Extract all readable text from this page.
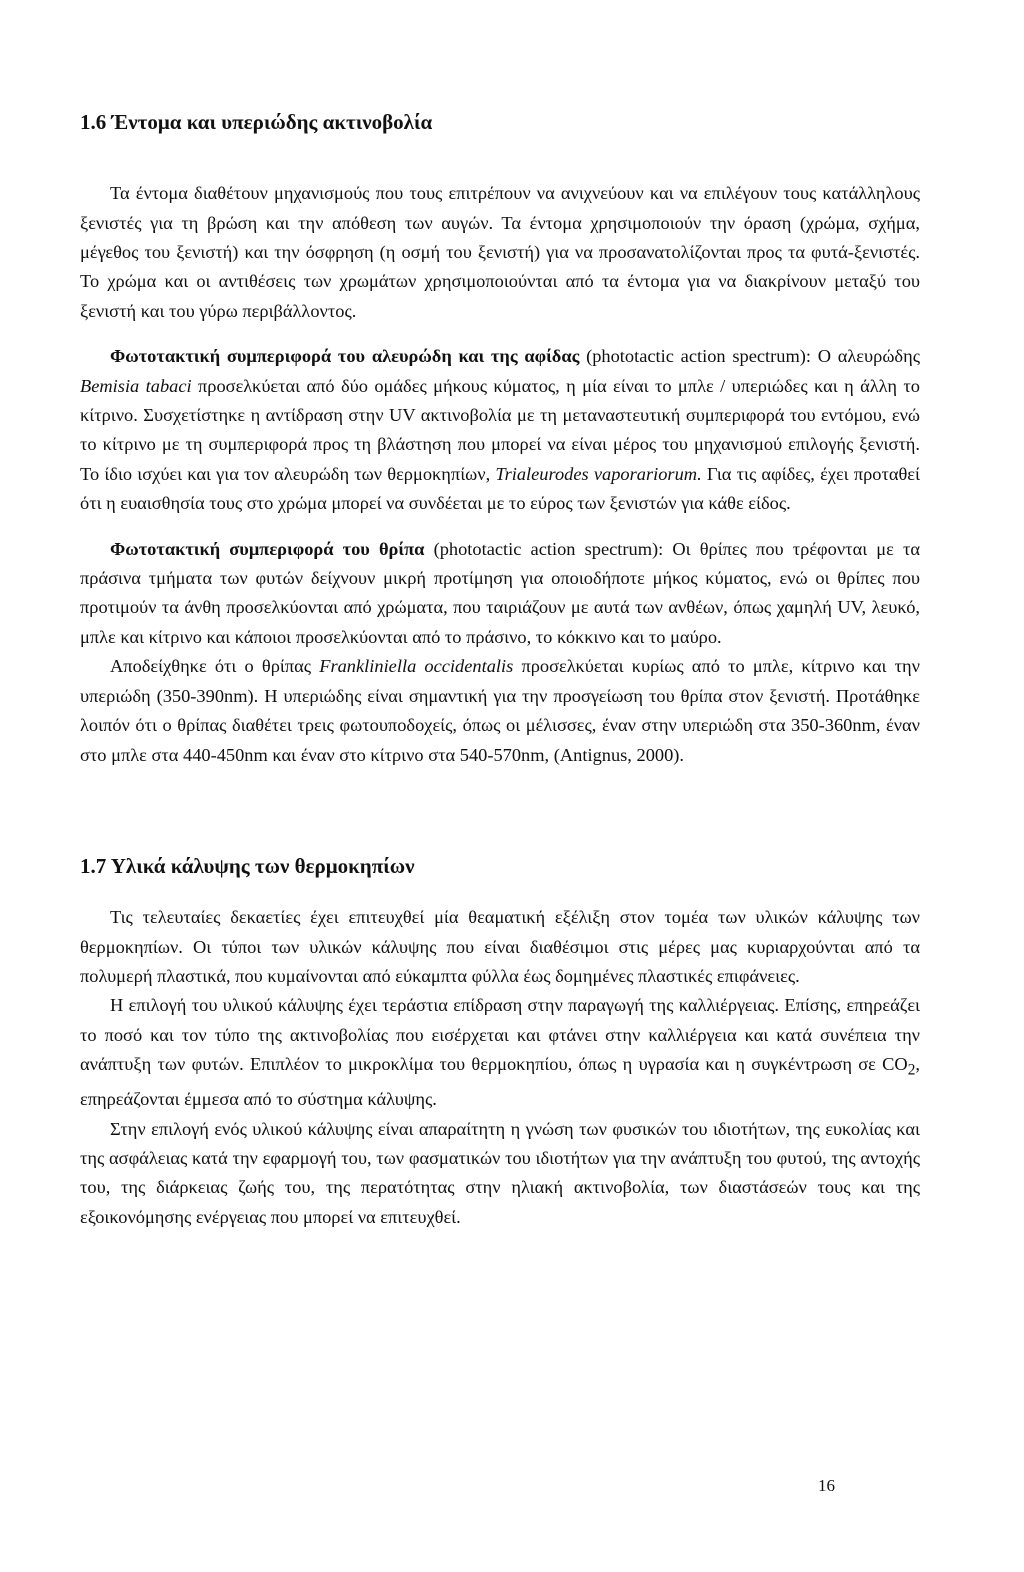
1.6 Έντομα και υπεριώδης ακτινοβολία

Τα έντομα διαθέτουν μηχανισμούς που τους επιτρέπουν να ανιχνεύουν και να επιλέγουν τους κατάλληλους ξενιστές για τη βρώση και την απόθεση των αυγών. Τα έντομα χρησιμοποιούν την όραση (χρώμα, σχήμα, μέγεθος του ξενιστή) και την όσφρηση (η οσμή του ξενιστή) για να προσανατολίζονται προς τα φυτά-ξενιστές. Το χρώμα και οι αντιθέσεις των χρωμάτων χρησιμοποιούνται από τα έντομα για να διακρίνουν μεταξύ του ξενιστή και του γύρω περιβάλλοντος.

Φωτοτακτική συμπεριφορά του αλευρώδη και της αφίδας (phototactic action spectrum): Ο αλευρώδης Bemisia tabaci προσελκύεται από δύο ομάδες μήκους κύματος, η μία είναι το μπλε / υπεριώδες και η άλλη το κίτρινο. Συσχετίστηκε η αντίδραση στην UV ακτινοβολία με τη μεταναστευτική συμπεριφορά του εντόμου, ενώ το κίτρινο με τη συμπεριφορά προς τη βλάστηση που μπορεί να είναι μέρος του μηχανισμού επιλογής ξενιστή. Το ίδιο ισχύει και για τον αλευρώδη των θερμοκηπίων, Trialeurodes vaporariorum. Για τις αφίδες, έχει προταθεί ότι η ευαισθησία τους στο χρώμα μπορεί να συνδέεται με το εύρος των ξενιστών για κάθε είδος.

Φωτοτακτική συμπεριφορά του θρίπα (phototactic action spectrum): Οι θρίπες που τρέφονται με τα πράσινα τμήματα των φυτών δείχνουν μικρή προτίμηση για οποιοδήποτε μήκος κύματος, ενώ οι θρίπες που προτιμούν τα άνθη προσελκύονται από χρώματα, που ταιριάζουν με αυτά των ανθέων, όπως χαμηλή UV, λευκό, μπλε και κίτρινο και κάποιοι προσελκύονται από το πράσινο, το κόκκινο και το μαύρο.

Αποδείχθηκε ότι ο θρίπας Frankliniella occidentalis προσελκύεται κυρίως από το μπλε, κίτρινο και την υπεριώδη (350-390nm). Η υπεριώδης είναι σημαντική για την προσγείωση του θρίπα στον ξενιστή. Προτάθηκε λοιπόν ότι ο θρίπας διαθέτει τρεις φωτουποδοχείς, όπως οι μέλισσες, έναν στην υπεριώδη στα 350-360nm, έναν στο μπλε στα 440-450nm και έναν στο κίτρινο στα 540-570nm, (Antignus, 2000).

1.7 Υλικά κάλυψης των θερμοκηπίων

Τις τελευταίες δεκαετίες έχει επιτευχθεί μία θεαματική εξέλιξη στον τομέα των υλικών κάλυψης των θερμοκηπίων. Οι τύποι των υλικών κάλυψης που είναι διαθέσιμοι στις μέρες μας κυριαρχούνται από τα πολυμερή πλαστικά, που κυμαίνονται από εύκαμπτα φύλλα έως δομημένες πλαστικές επιφάνειες.

Η επιλογή του υλικού κάλυψης έχει τεράστια επίδραση στην παραγωγή της καλλιέργειας. Επίσης, επηρεάζει το ποσό και τον τύπο της ακτινοβολίας που εισέρχεται και φτάνει στην καλλιέργεια και κατά συνέπεια την ανάπτυξη των φυτών. Επιπλέον το μικροκλίμα του θερμοκηπίου, όπως η υγρασία και η συγκέντρωση σε $CO_2$, επηρεάζονται έμμεσα από το σύστημα κάλυψης.

Στην επιλογή ενός υλικού κάλυψης είναι απαραίτητη η γνώση των φυσικών του ιδιοτήτων, της ευκολίας και της ασφάλειας κατά την εφαρμογή του, των φασματικών του ιδιοτήτων για την ανάπτυξη του φυτού, της αντοχής του, της διάρκειας ζωής του, της περατότητας στην ηλιακή ακτινοβολία, των διαστάσεών τους και της εξοικονόμησης ενέργειας που μπορεί να επιτευχθεί.

16
